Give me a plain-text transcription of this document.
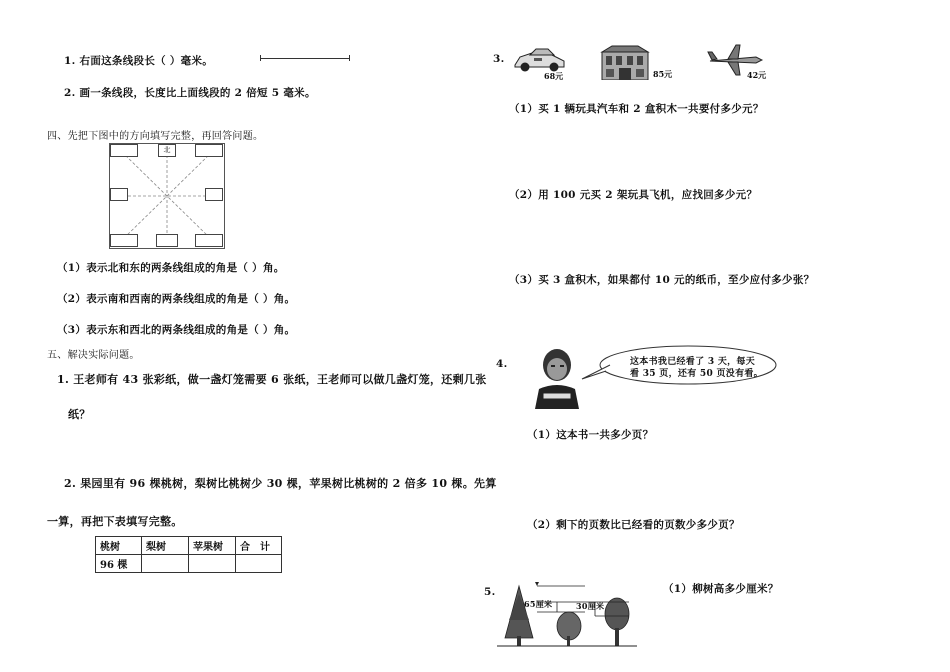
1. 右面这条线段长（ ）毫米。
2. 画一条线段，长度比上面线段的 2 倍短 5 毫米。
四、先把下图中的方向填写完整，再回答问题。
北
（1）表示北和东的两条线组成的角是（ ）角。
（2）表示南和西南的两条线组成的角是（ ）角。
（3）表示东和西北的两条线组成的角是（ ）角。
五、解决实际问题。
1. 王老师有 43 张彩纸，做一盏灯笼需要 6 张纸，王老师可以做几盏灯笼，还剩几张
纸？
2. 果园里有 96 棵桃树，梨树比桃树少 30 棵，苹果树比桃树的 2 倍多 10 棵。先算
一算，再把下表填写完整。
桃树	梨树	苹果树	合　计
96 棵			
3.
68元	85元	42元
（1）买 1 辆玩具汽车和 2 盒积木一共要付多少元？
（2）用 100 元买 2 架玩具飞机，应找回多少元？
（3）买 3 盒积木，如果都付 10 元的纸币，至少应付多少张？
4.	这本书我已经看了 3 天，每天
看 35 页，还有 50 页没有看。
（1）这本书一共多少页？
（2）剩下的页数比已经看的页数少多少页？
5.	（1）柳树高多少厘米？
65厘米	30厘米
